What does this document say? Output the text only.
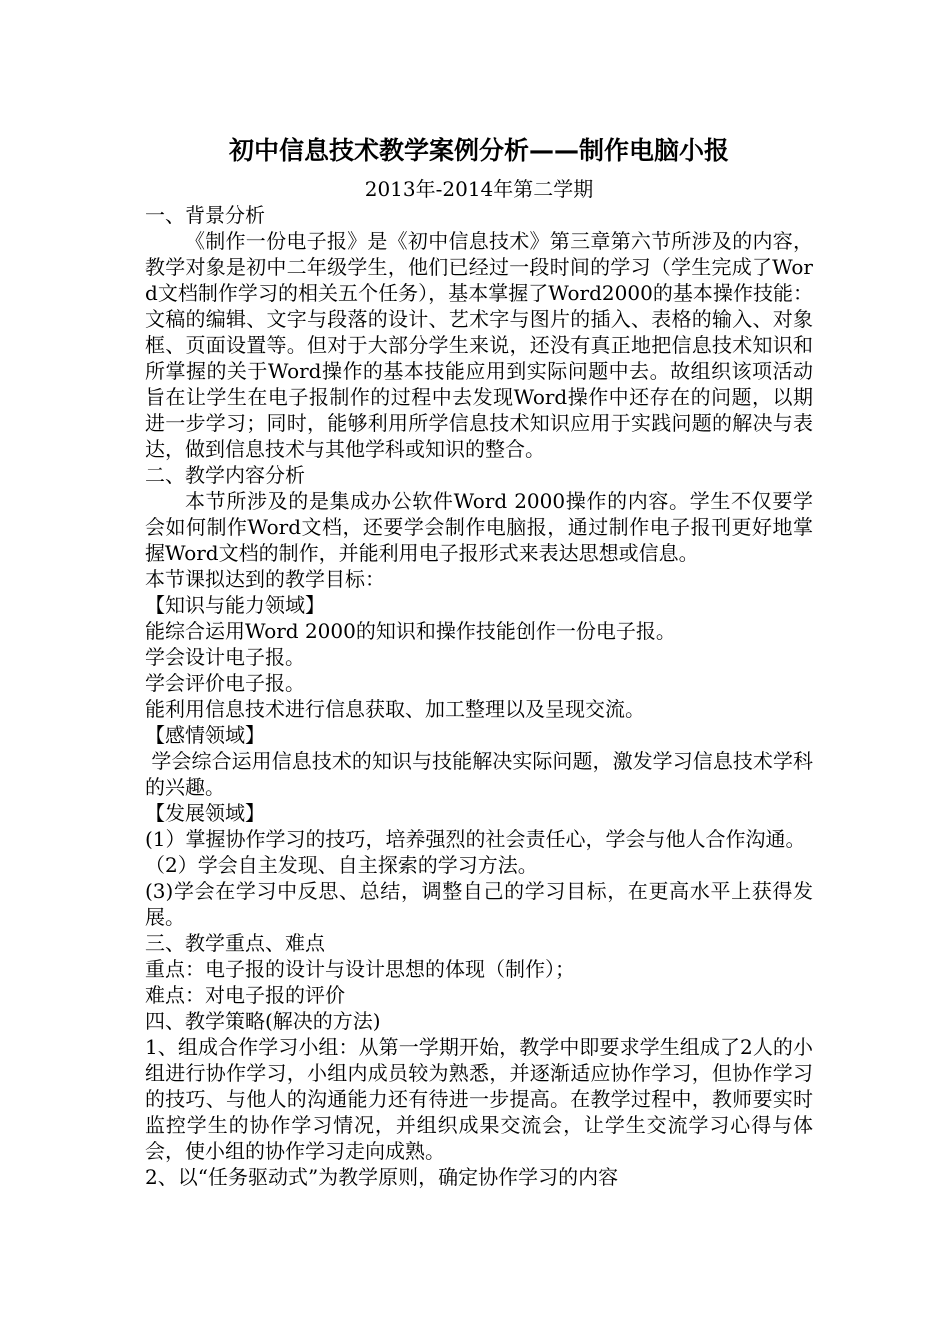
初中信息技术教学案例分析——制作电脑小报
2013年-2014年第二学期
一、背景分析
《制作一份电子报》是《初中信息技术》第三章第六节所涉及的内容，教学对象是初中二年级学生，他们已经过一段时间的学习（学生完成了Word文档制作学习的相关五个任务），基本掌握了Word2000的基本操作技能：文稿的编辑、文字与段落的设计、艺术字与图片的插入、表格的输入、对象框、页面设置等。但对于大部分学生来说，还没有真正地把信息技术知识和所掌握的关于Word操作的基本技能应用到实际问题中去。故组织该项活动旨在让学生在电子报制作的过程中去发现Word操作中还存在的问题，以期进一步学习；同时，能够利用所学信息技术知识应用于实践问题的解决与表达，做到信息技术与其他学科或知识的整合。
二、教学内容分析
本节所涉及的是集成办公软件Word 2000操作的内容。学生不仅要学会如何制作Word文档，还要学会制作电脑报，通过制作电子报刊更好地掌握Word文档的制作，并能利用电子报形式来表达思想或信息。
本节课拟达到的教学目标：
【知识与能力领域】
能综合运用Word 2000的知识和操作技能创作一份电子报。
学会设计电子报。
学会评价电子报。
能利用信息技术进行信息获取、加工整理以及呈现交流。
【感情领域】
学会综合运用信息技术的知识与技能解决实际问题，激发学习信息技术学科的兴趣。
【发展领域】
(1）掌握协作学习的技巧，培养强烈的社会责任心，学会与他人合作沟通。
（2）学会自主发现、自主探索的学习方法。
(3)学会在学习中反思、总结，调整自己的学习目标，在更高水平上获得发展。
三、教学重点、难点
重点：电子报的设计与设计思想的体现（制作）；
难点：对电子报的评价
四、教学策略(解决的方法)
1、组成合作学习小组：从第一学期开始，教学中即要求学生组成了2人的小组进行协作学习，小组内成员较为熟悉，并逐渐适应协作学习，但协作学习的技巧、与他人的沟通能力还有待进一步提高。在教学过程中，教师要实时监控学生的协作学习情况，并组织成果交流会，让学生交流学习心得与体会，使小组的协作学习走向成熟。
2、以“任务驱动式”为教学原则，确定协作学习的内容
